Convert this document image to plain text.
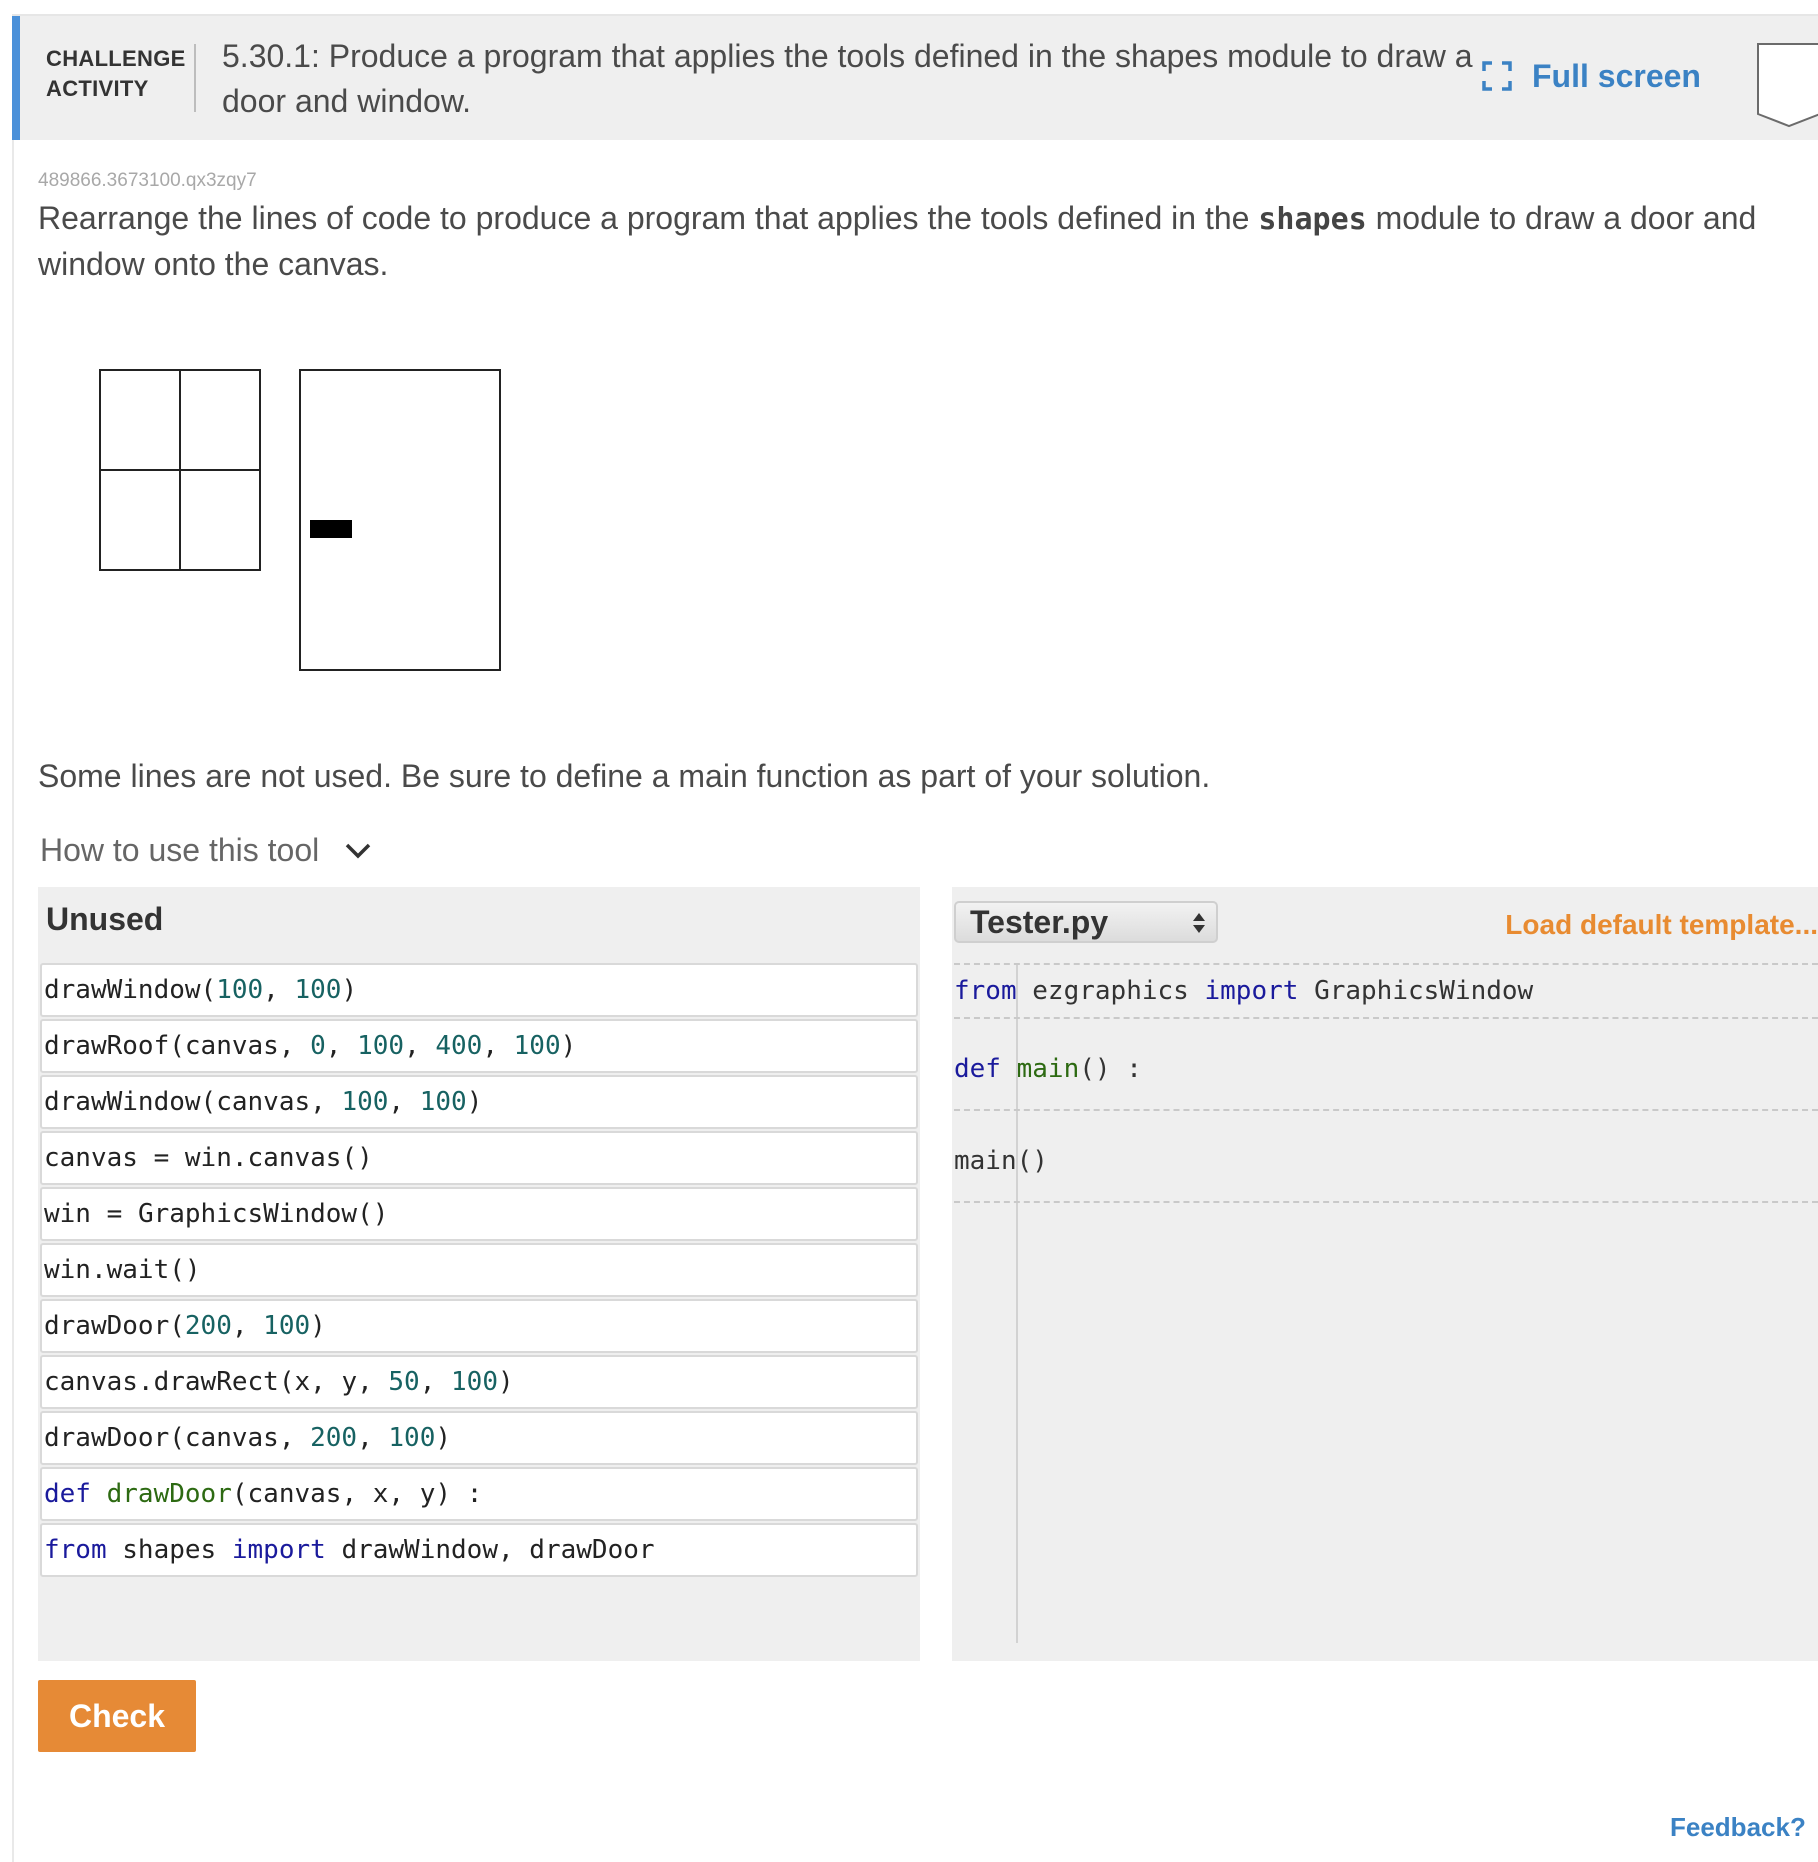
CHALLENGE
ACTIVITY
5.30.1: Produce a program that applies the tools defined in the shapes module to draw a door and window.
Full screen
489866.3673100.qx3zqy7
Rearrange the lines of code to produce a program that applies the tools defined in the shapes module to draw a door and window onto the canvas.
Some lines are not used. Be sure to define a main function as part of your solution.
How to use this tool
Unused
drawWindow ( 100 ,
100 )
drawRoof ( canvas ,
0 ,
100 ,
400 ,
100 )
drawWindow ( canvas ,
100 ,
100 )
canvas
=
win . canvas ()
win
=
GraphicsWindow ()
win . wait ()
drawDoor ( 200 ,
100 )
canvas . drawRect ( x ,
y ,
50 ,
100 )
drawDoor ( canvas ,
200 ,
100 )
def
drawDoor ( canvas ,
x ,
y )
:
from
shapes
import
drawWindow ,
drawDoor
Tester.py	Load default template...
from
ezgraphics
import
GraphicsWindow
def
main ()
:
main ()
Check
Feedback?
